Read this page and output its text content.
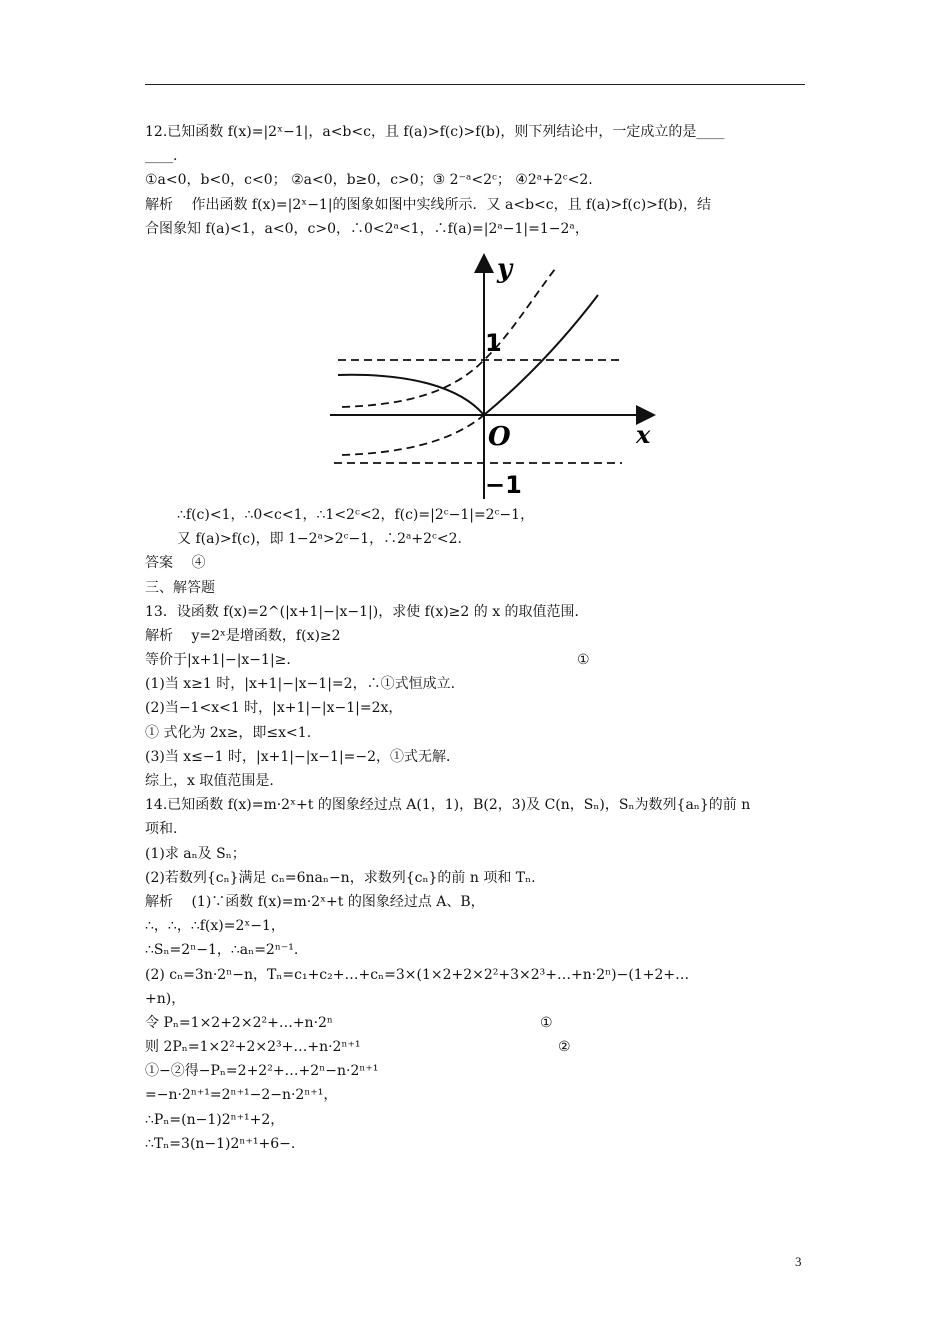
12.已知函数 f(x)=|2ˣ−1|，a<b<c，且 f(a)>f(c)>f(b)，则下列结论中，一定成立的是____
____.
①a<0，b<0，c<0； ②a<0，b≥0，c>0；③ 2⁻ᵃ<2ᶜ； ④2ᵃ+2ᶜ<2.
解析　 作出函数 f(x)=|2ˣ−1|的图象如图中实线所示．又 a<b<c，且 f(a)>f(c)>f(b)，结
合图象知 f(a)<1，a<0，c>0，∴0<2ᵃ<1，∴f(a)=|2ᵃ−1|=1−2ᵃ，
y
x
O
1
−1
∴f(c)<1，∴0<c<1，∴1<2ᶜ<2，f(c)=|2ᶜ−1|=2ᶜ−1，
又 f(a)>f(c)，即 1−2ᵃ>2ᶜ−1，∴2ᵃ+2ᶜ<2.
答案　 ④
三、解答题
13．设函数 f(x)=2^(|x+1|−|x−1|)，求使 f(x)≥2 的 x 的取值范围．
解析　 y=2ˣ是增函数，f(x)≥2
等价于|x+1|−|x−1|≥.	①
(1)当 x≥1 时，|x+1|−|x−1|=2，∴①式恒成立.
(2)当−1<x<1 时，|x+1|−|x−1|=2x，
① 式化为 2x≥，即≤x<1.
(3)当 x≤−1 时，|x+1|−|x−1|=−2，①式无解．
综上，x 取值范围是.
14.已知函数 f(x)=m·2ˣ+t 的图象经过点 A(1，1)，B(2，3)及 C(n，Sₙ)，Sₙ为数列{aₙ}的前 n
项和.
(1)求 aₙ及 Sₙ；
(2)若数列{cₙ}满足 cₙ=6naₙ−n，求数列{cₙ}的前 n 项和 Tₙ.
解析　 (1)∵函数 f(x)=m·2ˣ+t 的图象经过点 A、B，
∴，∴，∴f(x)=2ˣ−1，
∴Sₙ=2ⁿ−1，∴aₙ=2ⁿ⁻¹.
(2) cₙ=3n·2ⁿ−n，Tₙ=c₁+c₂+…+cₙ=3×(1×2+2×2²+3×2³+…+n·2ⁿ)−(1+2+…
+n)，
令 Pₙ=1×2+2×2²+…+n·2ⁿ	①
则 2Pₙ=1×2²+2×2³+…+n·2ⁿ⁺¹	②
①−②得−Pₙ=2+2²+…+2ⁿ−n·2ⁿ⁺¹
=−n·2ⁿ⁺¹=2ⁿ⁺¹−2−n·2ⁿ⁺¹，
∴Pₙ=(n−1)2ⁿ⁺¹+2，
∴Tₙ=3(n−1)2ⁿ⁺¹+6−.
3
